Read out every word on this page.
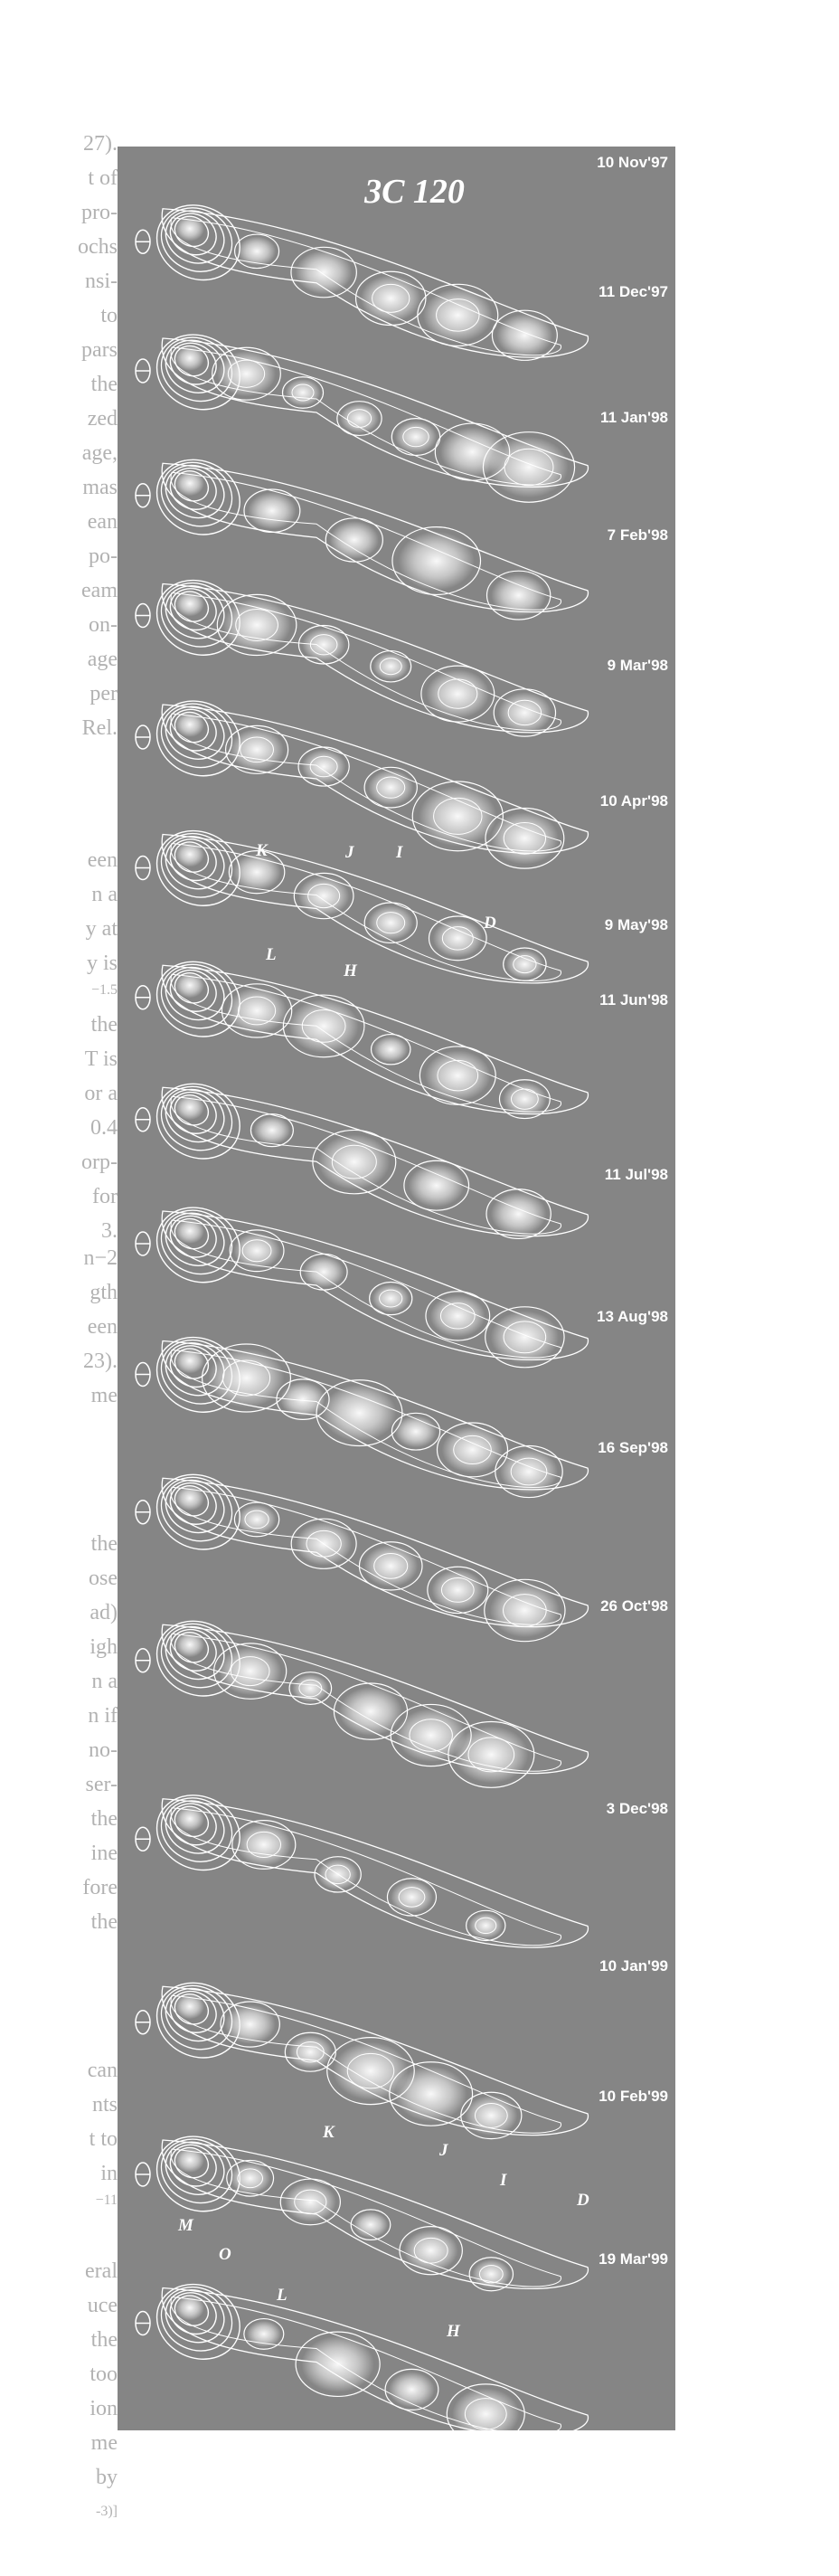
27).
t of
pro-
ochs
nsi-
to
pars
the
zed
age,
mas
ean
po-
eam
on-
age
per
Rel.
een
n a
y at
y is
−1.5
the
T is
or a
0.4
orp-
for
3.
n−2
gth
een
23).
me
the
ose
ad)
igh
n a
n if
no-
ser-
the
ine
fore
the
can
nts
t to
in
−11
eral
uce
the
too
ion
me
by
-3)]
3C 120
10 Nov'97
11 Dec'97
11 Jan'98
7 Feb'98
9 Mar'98
10 Apr'98
9 May'98
11 Jun'98
11 Jul'98
13 Aug'98
16 Sep'98
26 Oct'98
3 Dec'98
10 Jan'99
10 Feb'99
19 Mar'99
K	J I
D
L
H
K
J
I
D
M
O
L
H
